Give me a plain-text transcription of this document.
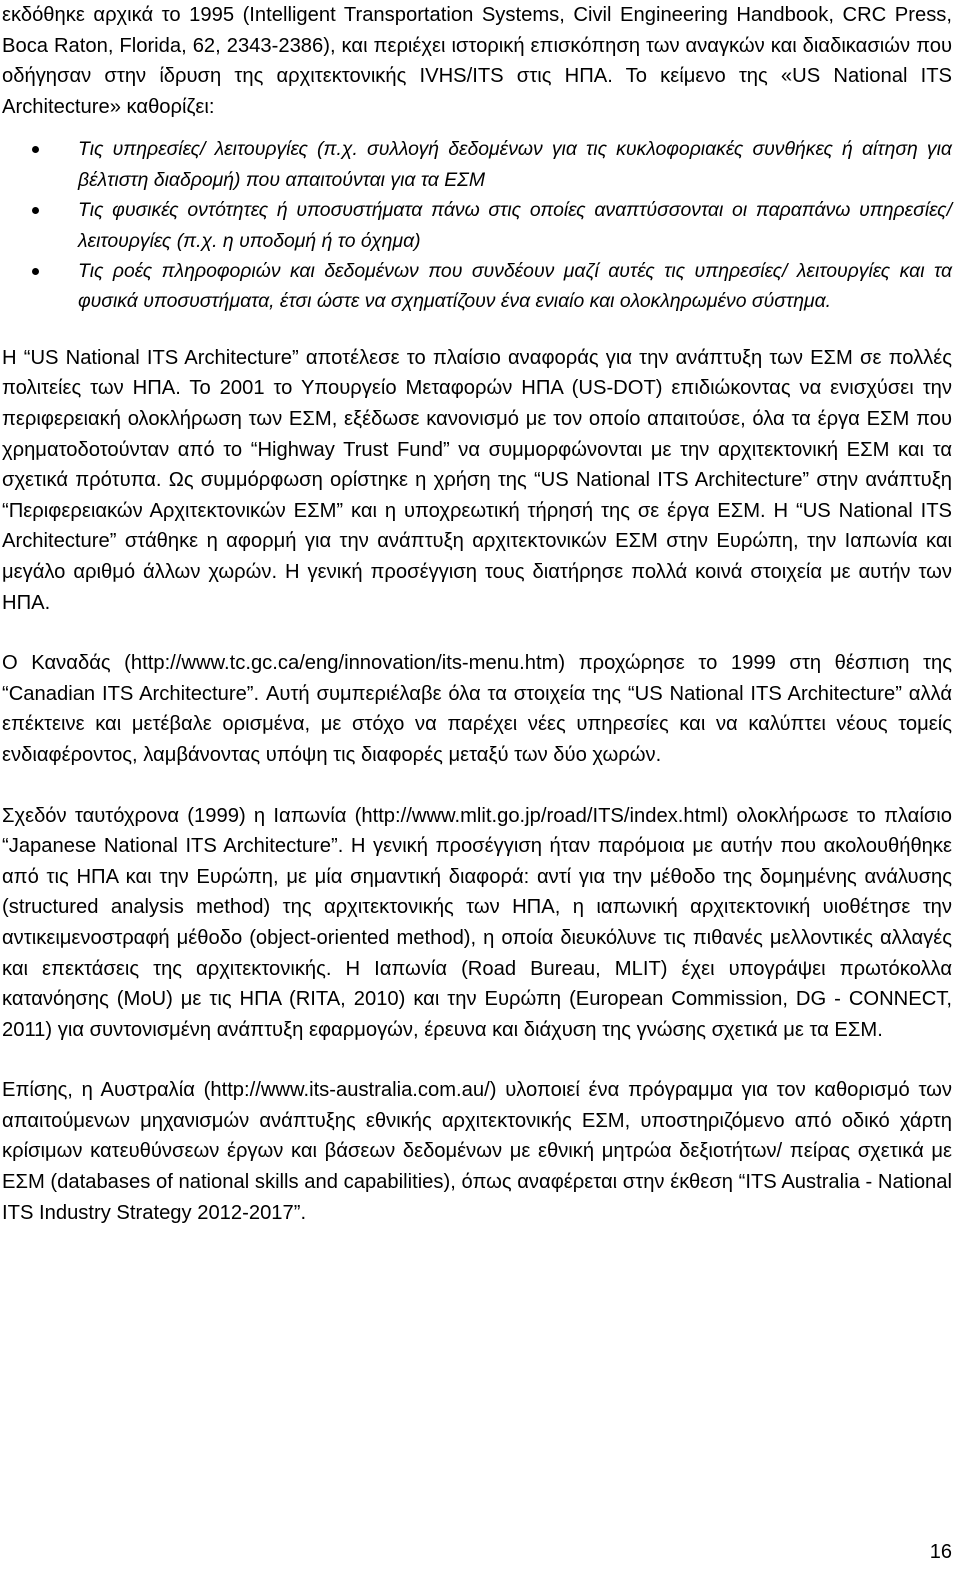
εκδόθηκε αρχικά το 1995 (Intelligent Transportation Systems, Civil Engineering Handbook, CRC Press, Boca Raton, Florida, 62, 2343-2386), και περιέχει ιστορική επισκόπηση των αναγκών και διαδικασιών που οδήγησαν στην ίδρυση της αρχιτεκτονικής IVHS/ITS στις ΗΠΑ. Το κείμενο της «US National ITS Architecture» καθορίζει:

Τις υπηρεσίες/ λειτουργίες (π.χ. συλλογή δεδομένων για τις κυκλοφοριακές συνθήκες ή αίτηση για βέλτιστη διαδρομή) που απαιτούνται για τα ΕΣΜ
Τις φυσικές οντότητες ή υποσυστήματα πάνω στις οποίες αναπτύσσονται οι παραπάνω υπηρεσίες/ λειτουργίες (π.χ. η υποδομή ή το όχημα)
Τις ροές πληροφοριών και δεδομένων που συνδέουν μαζί αυτές τις υπηρεσίες/ λειτουργίες και τα φυσικά υποσυστήματα, έτσι ώστε να σχηματίζουν ένα ενιαίο και ολοκληρωμένο σύστημα.

Η “US National ITS Architecture” αποτέλεσε το πλαίσιο αναφοράς για την ανάπτυξη των ΕΣΜ σε πολλές πολιτείες των ΗΠΑ. Το 2001 το Υπουργείο Μεταφορών ΗΠΑ (US-DOT) επιδιώκοντας να ενισχύσει την περιφερειακή ολοκλήρωση των ΕΣΜ, εξέδωσε κανονισμό με τον οποίο απαιτούσε, όλα τα έργα ΕΣΜ που χρηματοδοτούνταν από το “Highway Trust Fund” να συμμορφώνονται με την αρχιτεκτονική ΕΣΜ και τα σχετικά πρότυπα. Ως συμμόρφωση ορίστηκε η χρήση της “US National ITS Architecture” στην ανάπτυξη “Περιφερειακών Αρχιτεκτονικών ΕΣΜ” και η υποχρεωτική τήρησή της σε έργα ΕΣΜ. Η “US National ITS Architecture” στάθηκε η αφορμή για την ανάπτυξη αρχιτεκτονικών ΕΣΜ στην Ευρώπη, την Ιαπωνία και μεγάλο αριθμό άλλων χωρών. Η γενική προσέγγιση τους διατήρησε πολλά κοινά στοιχεία με αυτήν των ΗΠΑ.

Ο Καναδάς (http://www.tc.gc.ca/eng/innovation/its-menu.htm) προχώρησε το 1999 στη θέσπιση της “Canadian ITS Architecture”. Αυτή συμπεριέλαβε όλα τα στοιχεία της “US National ITS Architecture” αλλά επέκτεινε και μετέβαλε ορισμένα, με στόχο να παρέχει νέες υπηρεσίες και να καλύπτει νέους τομείς ενδιαφέροντος, λαμβάνοντας υπόψη τις διαφορές μεταξύ των δύο χωρών.

Σχεδόν ταυτόχρονα (1999) η Ιαπωνία (http://www.mlit.go.jp/road/ITS/index.html) ολοκλήρωσε το πλαίσιο “Japanese National ITS Architecture”. Η γενική προσέγγιση ήταν παρόμοια με αυτήν που ακολουθήθηκε από τις ΗΠΑ και την Ευρώπη, με μία σημαντική διαφορά: αντί για την μέθοδο της δομημένης ανάλυσης (structured analysis method) της αρχιτεκτονικής των ΗΠΑ, η ιαπωνική αρχιτεκτονική υιοθέτησε την αντικειμενοστραφή μέθοδο (object-oriented method), η οποία διευκόλυνε τις πιθανές μελλοντικές αλλαγές και επεκτάσεις της αρχιτεκτονικής. Η Ιαπωνία (Road Bureau, MLIT) έχει υπογράψει πρωτόκολλα κατανόησης (MoU) με τις ΗΠΑ (RITA, 2010) και την Ευρώπη (European Commission, DG - CONNECT, 2011) για συντονισμένη ανάπτυξη εφαρμογών, έρευνα και διάχυση της γνώσης σχετικά με τα ΕΣΜ.

Επίσης, η Αυστραλία (http://www.its-australia.com.au/) υλοποιεί ένα πρόγραμμα για τον καθορισμό των απαιτούμενων μηχανισμών ανάπτυξης εθνικής αρχιτεκτονικής ΕΣΜ, υποστηριζόμενο από οδικό χάρτη κρίσιμων κατευθύνσεων έργων και βάσεων δεδομένων με εθνική μητρώα δεξιοτήτων/ πείρας σχετικά με ΕΣΜ (databases of national skills and capabilities), όπως αναφέρεται στην έκθεση “ITS Australia - National ITS Industry Strategy 2012-2017”.

16
